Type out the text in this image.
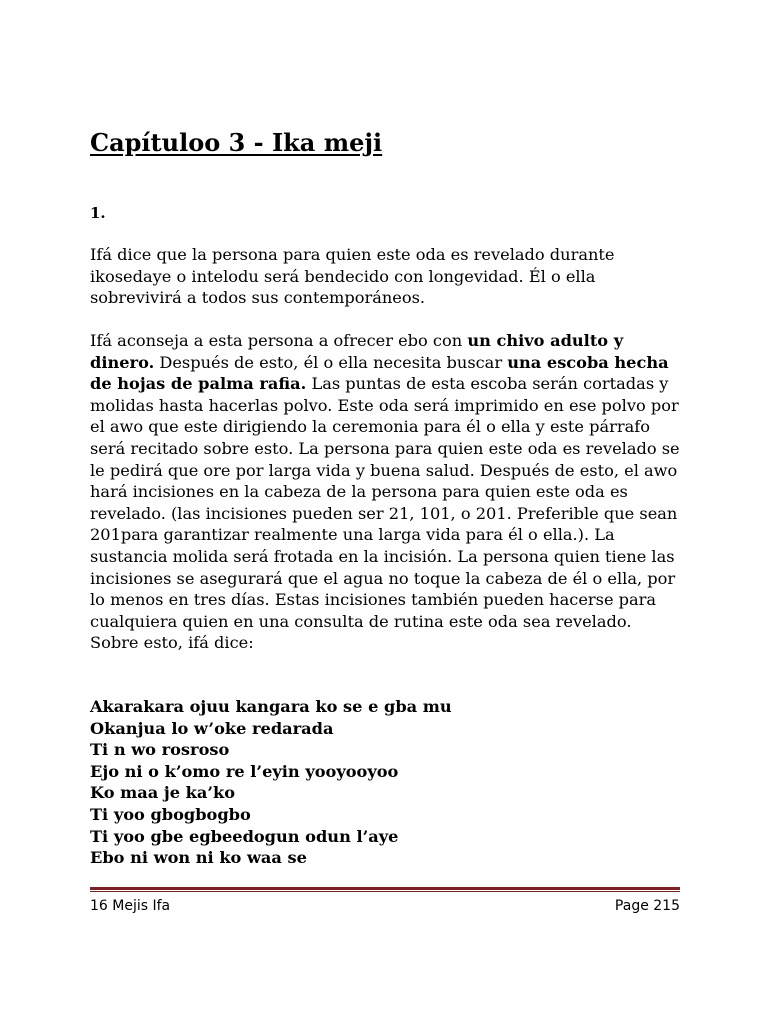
Capítuloo 3 - Ika meji

1.

Ifá dice que la persona para quien este oda es revelado durante ikosedaye o intelodu será bendecido con longevidad. Él o ella sobrevivirá a todos sus contemporáneos.

Ifá aconseja a esta persona a ofrecer ebo con un chivo adulto y dinero. Después de esto, él o ella necesita buscar una escoba hecha de hojas de palma rafia. Las puntas de esta escoba serán cortadas y molidas hasta hacerlas polvo. Este oda será imprimido en ese polvo por el awo que este dirigiendo la ceremonia para él o ella y este párrafo será recitado sobre esto. La persona para quien este oda es revelado se le pedirá que ore por larga vida y buena salud. Después de esto, el awo hará incisiones en la cabeza de la persona para quien este oda es revelado. (las incisiones pueden ser 21, 101, o 201. Preferible que sean 201para garantizar realmente una larga vida para él o ella.). La sustancia molida será frotada en la incisión. La persona quien tiene las incisiones se asegurará que el agua no toque la cabeza de él o ella, por lo menos en tres días. Estas incisiones también pueden hacerse para cualquiera quien en una consulta de rutina este oda sea revelado. Sobre esto, ifá dice:

Akarakara ojuu kangara ko se e gba mu
Okanjua lo w’oke redarada
Ti n wo rosroso
Ejo ni o k’omo re l’eyin yooyooyoo
Ko maa je ka’ko
Ti yoo gbogbogbo
Ti yoo gbe egbeedogun odun l’aye
Ebo ni won ni ko waa se
16 Mejis Ifa	Page 215
